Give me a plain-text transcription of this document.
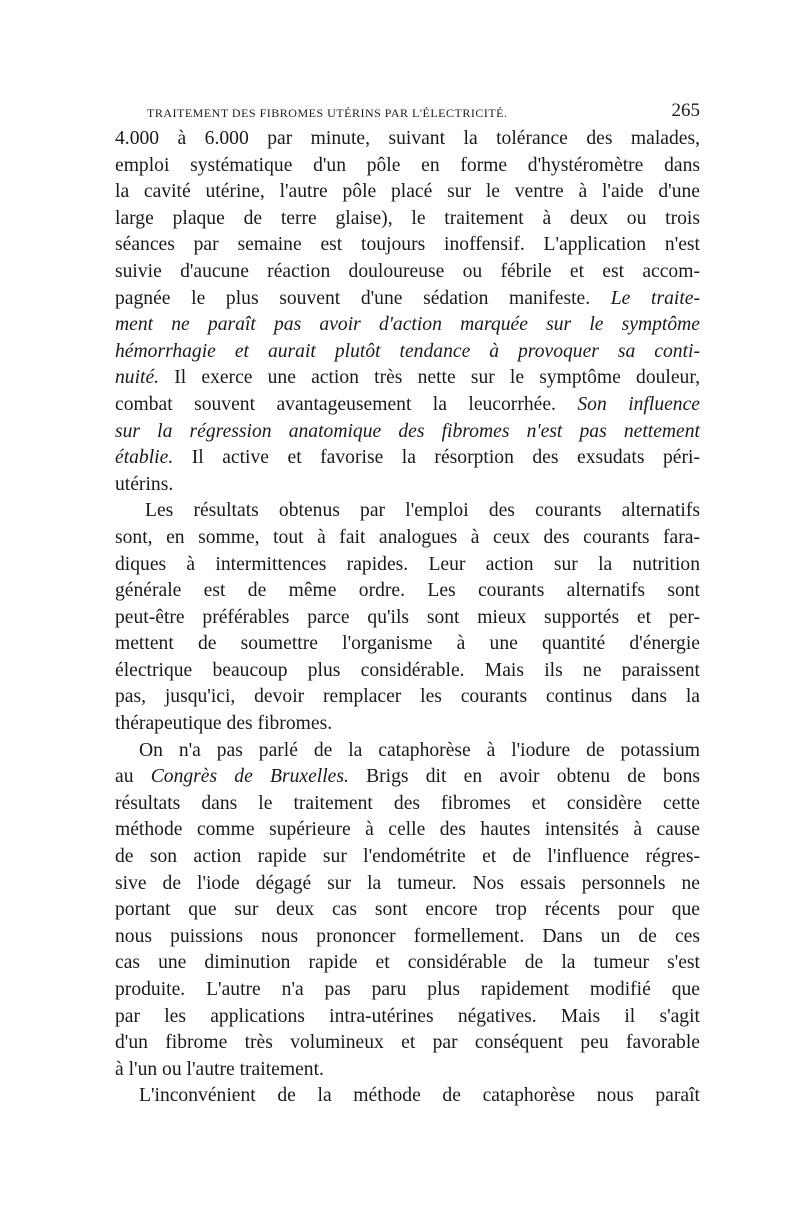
TRAITEMENT DES FIBROMES UTÉRINS PAR L'ÉLECTRICITÉ.	265
4.000 à 6.000 par minute, suivant la tolérance des malades,
emploi systématique d'un pôle en forme d'hystéromètre dans
la cavité utérine, l'autre pôle placé sur le ventre à l'aide d'une
large plaque de terre glaise), le traitement à deux ou trois
séances par semaine est toujours inoffensif. L'application n'est
suivie d'aucune réaction douloureuse ou fébrile et est accom-
pagnée le plus souvent d'une sédation manifeste. Le traite-
ment ne paraît pas avoir d'action marquée sur le symptôme
hémorrhagie et aurait plutôt tendance à provoquer sa conti-
nuité. Il exerce une action très nette sur le symptôme douleur,
combat souvent avantageusement la leucorrhée. Son influence
sur la régression anatomique des fibromes n'est pas nettement
établie. Il active et favorise la résorption des exsudats péri-
utérins.
Les résultats obtenus par l'emploi des courants alternatifs
sont, en somme, tout à fait analogues à ceux des courants fara-
diques à intermittences rapides. Leur action sur la nutrition
générale est de même ordre. Les courants alternatifs sont
peut-être préférables parce qu'ils sont mieux supportés et per-
mettent de soumettre l'organisme à une quantité d'énergie
électrique beaucoup plus considérable. Mais ils ne paraissent
pas, jusqu'ici, devoir remplacer les courants continus dans la
thérapeutique des fibromes.
On n'a pas parlé de la cataphorèse à l'iodure de potassium
au Congrès de Bruxelles. Brigs dit en avoir obtenu de bons
résultats dans le traitement des fibromes et considère cette
méthode comme supérieure à celle des hautes intensités à cause
de son action rapide sur l'endométrite et de l'influence régres-
sive de l'iode dégagé sur la tumeur. Nos essais personnels ne
portant que sur deux cas sont encore trop récents pour que
nous puissions nous prononcer formellement. Dans un de ces
cas une diminution rapide et considérable de la tumeur s'est
produite. L'autre n'a pas paru plus rapidement modifié que
par les applications intra-utérines négatives. Mais il s'agit
d'un fibrome très volumineux et par conséquent peu favorable
à l'un ou l'autre traitement.
L'inconvénient de la méthode de cataphorèse nous paraît
